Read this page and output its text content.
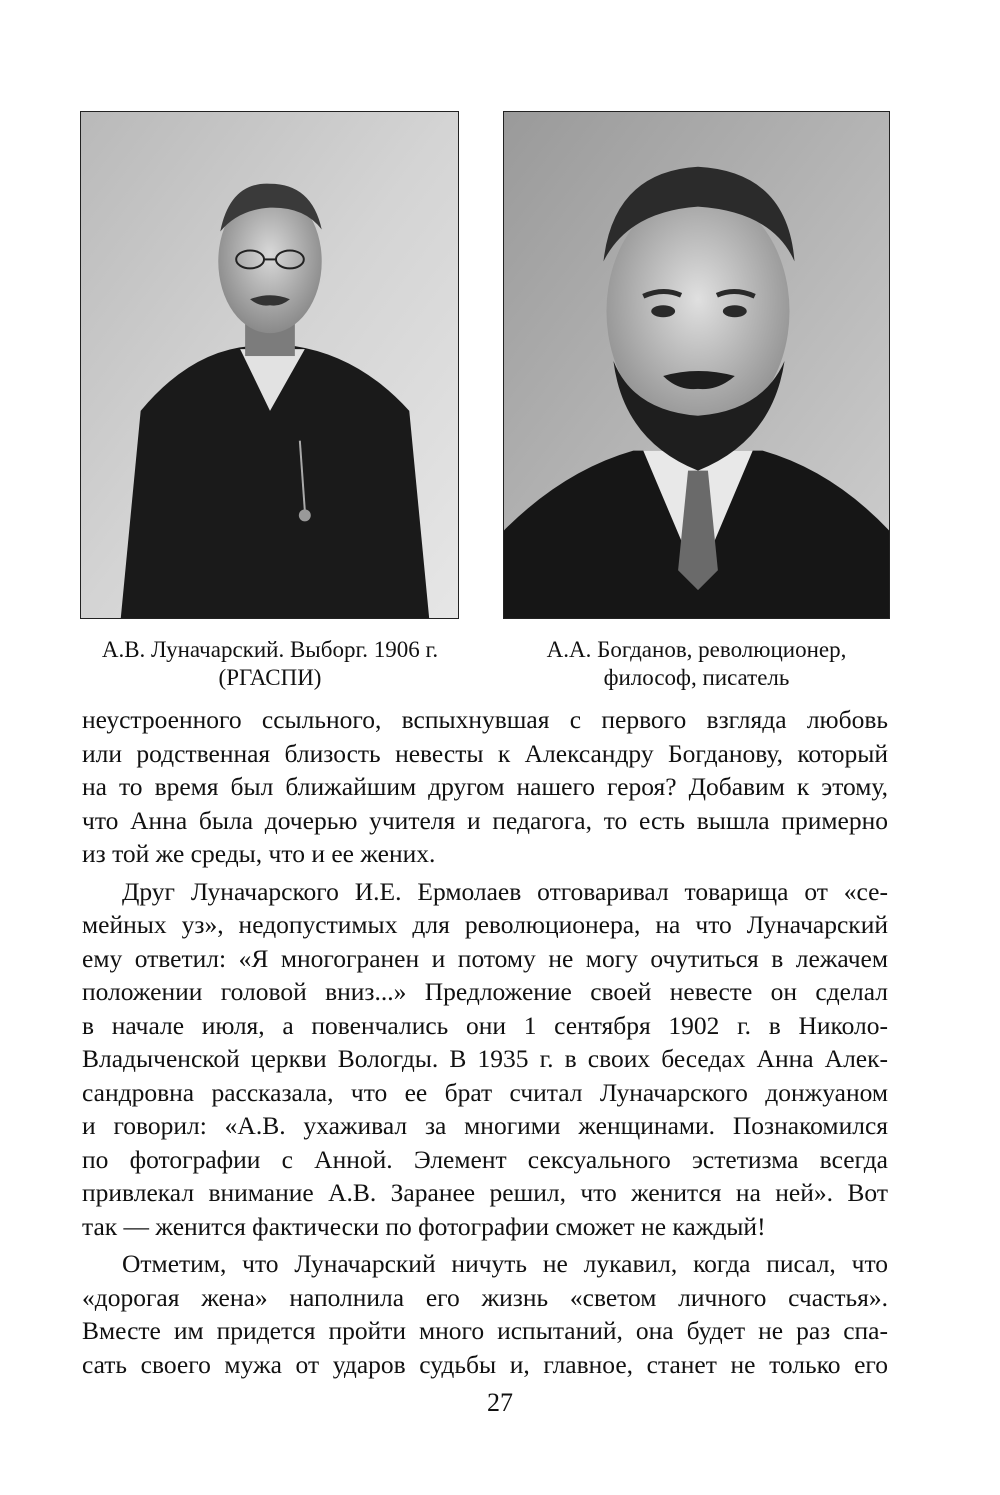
А.В. Луначарский. Выборг. 1906 г.
(РГАСПИ)
А.А. Богданов, революционер,
философ, писатель
неустроенного ссыльного, вспыхнувшая с первого взгляда любовь
или родственная близость невесты к Александру Богданову, который
на то время был ближайшим другом нашего героя? Добавим к этому,
что Анна была дочерью учителя и педагога, то есть вышла примерно
из той же среды, что и ее жених.
Друг Луначарского И.Е. Ермолаев отговаривал товарища от «се-
мейных уз», недопустимых для революционера, на что Луначарский
ему ответил: «Я многогранен и потому не могу очутиться в лежачем
положении головой вниз...» Предложение своей невесте он сделал
в начале июля, а повенчались они 1 сентября 1902 г. в Николо-
Владыченской церкви Вологды. В 1935 г. в своих беседах Анна Алек-
сандровна рассказала, что ее брат считал Луначарского донжуаном
и говорил: «А.В. ухаживал за многими женщинами. Познакомился
по фотографии с Анной. Элемент сексуального эстетизма всегда
привлекал внимание А.В. Заранее решил, что женится на ней». Вот
так — женится фактически по фотографии сможет не каждый!
Отметим, что Луначарский ничуть не лукавил, когда писал, что
«дорогая жена» наполнила его жизнь «светом личного счастья».
Вместе им придется пройти много испытаний, она будет не раз спа-
сать своего мужа от ударов судьбы и, главное, станет не только его
27
